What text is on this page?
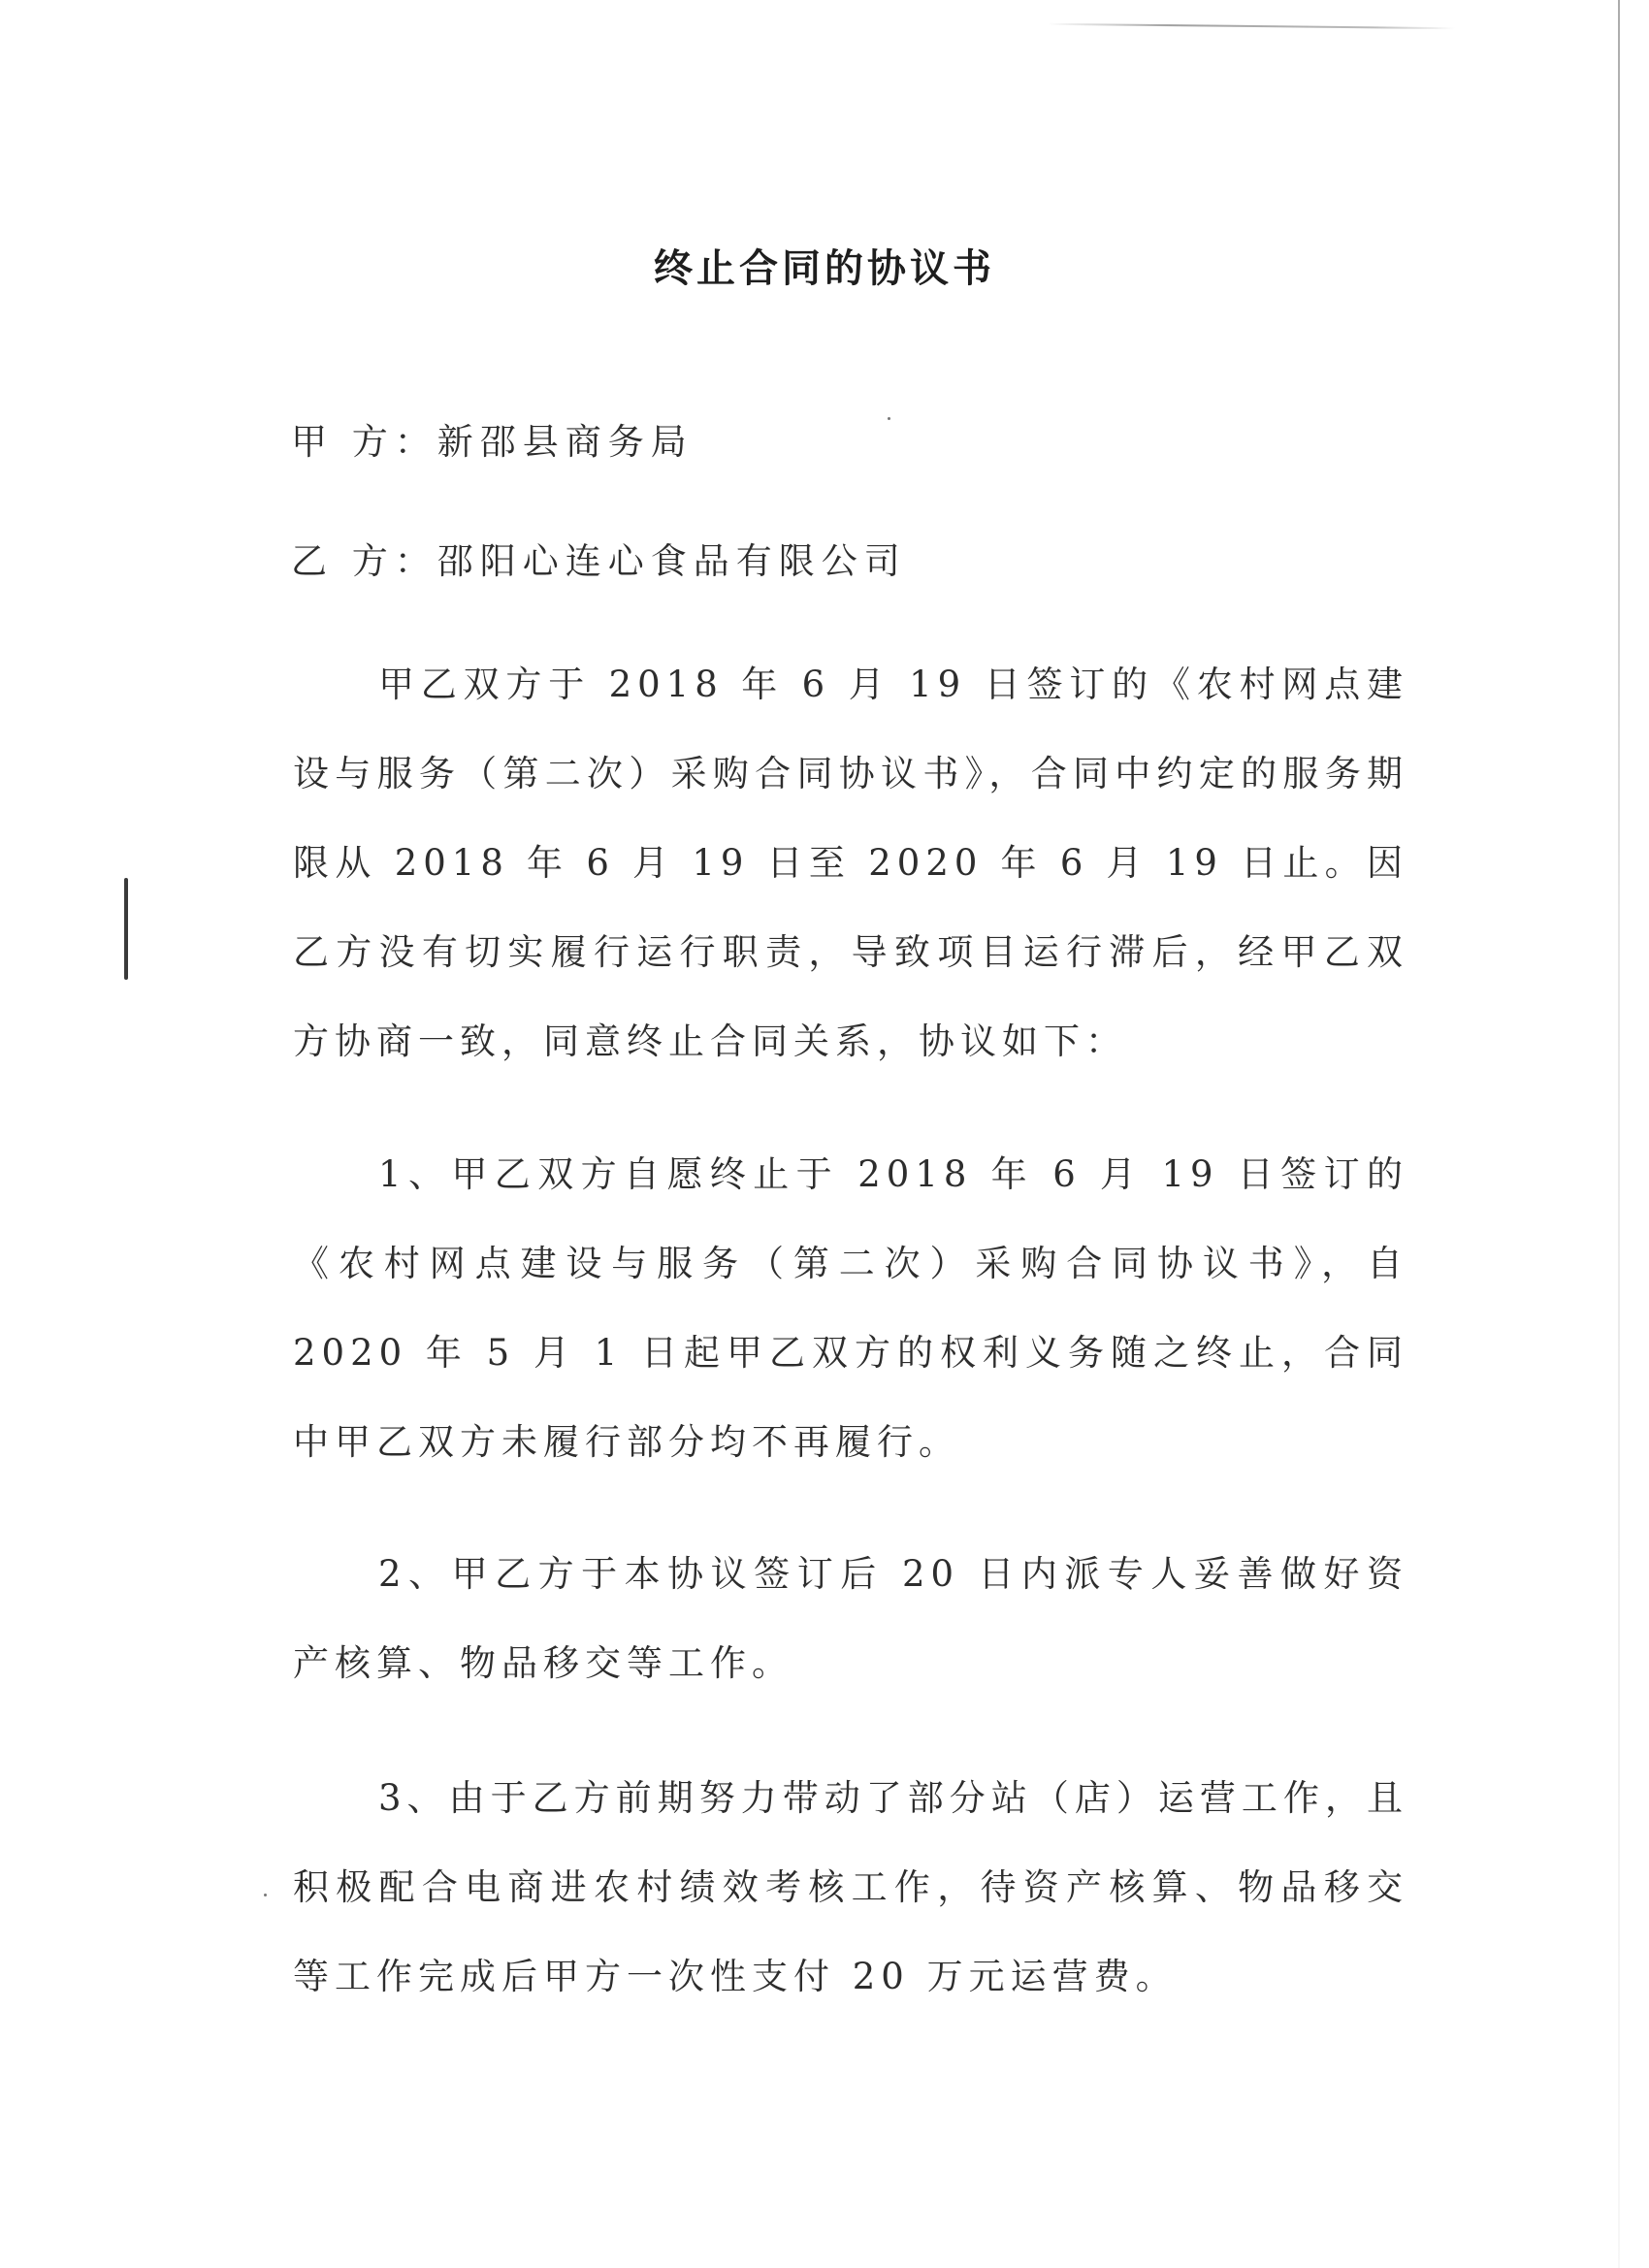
终止合同的协议书
甲 方：新邵县商务局
乙 方：邵阳心连心食品有限公司
甲乙双方于 2018 年 6 月 19 日签订的《农村网点建设与服务（第二次）采购合同协议书》，合同中约定的服务期限从 2018 年 6 月 19 日至 2020 年 6 月 19 日止。因乙方没有切实履行运行职责，导致项目运行滞后，经甲乙双方协商一致，同意终止合同关系，协议如下：
1、甲乙双方自愿终止于 2018 年 6 月 19 日签订的《农村网点建设与服务（第二次）采购合同协议书》，自 2020 年 5 月 1 日起甲乙双方的权利义务随之终止，合同中甲乙双方未履行部分均不再履行。
2、甲乙方于本协议签订后 20 日内派专人妥善做好资产核算、物品移交等工作。
3、由于乙方前期努力带动了部分站（店）运营工作，且积极配合电商进农村绩效考核工作，待资产核算、物品移交等工作完成后甲方一次性支付 20 万元运营费。
